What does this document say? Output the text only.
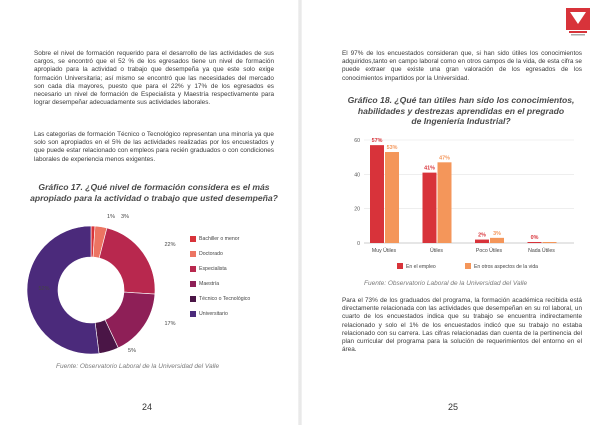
Sobre el nivel de formación requerido para el desarrollo de las actividades de sus cargos, se encontró que el 52 % de los egresados tiene un nivel de formación apropiado para la actividad o trabajo que desempeña ya que este solo exige formación Universitaria; así mismo se encontró que las necesidades del mercado son cada día mayores, puesto que para el 22% y 17% de los egresados es necesario un nivel de formación de Especialista y Maestría respectivamente para lograr desempeñar adecuadamente sus actividades laborales.

Las categorías de formación Técnico o Tecnológico representan una minoría ya que solo son apropiados en el 5% de las actividades realizadas por los encuestados y que puede estar relacionado con empleos para recién graduados o con condiciones laborales de experiencia menos exigentes.

Gráfico 17. ¿Qué nivel de formación considera es el más
apropiado para la actividad o trabajo que usted desempeña?

1% 3%
22%
17%
5%
52%
Bachiller o menor
Doctorado
Especialista
Maestría
Técnico o Tecnológico
Universitario

Fuente: Observatorio Laboral de la Universidad del Valle

24

El 97% de los encuestados consideran que, si han sido útiles los conocimientos adquiridos,tanto en campo laboral como en otros campos de la vida, de esta cifra se puede extraer que existe una gran valoración de los egresados de los conocimientos impartidos por la Universidad.

Gráfico 18. ¿Qué tan útiles han sido los conocimientos,
habilidades y destrezas aprendidas en el pregrado
de Ingeniería Industrial?

0
20
40
60 57%
53%
Muy Útiles
41%
47%
Útiles
2% 3%
Poco Útiles
0%
Nada Útiles
En el empleo	En otros aspectos de la vida

Fuente: Observatorio Laboral de la Universidad del Valle

Para el 73% de los graduados del programa, la formación académica recibida está directamente relacionada con las actividades que desempeñan en su rol laboral, un cuarto de los encuestados indica que su trabajo se encuentra indirectamente relacionado y solo el 1% de los encuestados indicó que su trabajo no estaba relacionado con su carrera. Las cifras relacionadas dan cuenta de la pertinencia del plan curricular del programa para la solución de requerimientos del entorno en el área.

25
